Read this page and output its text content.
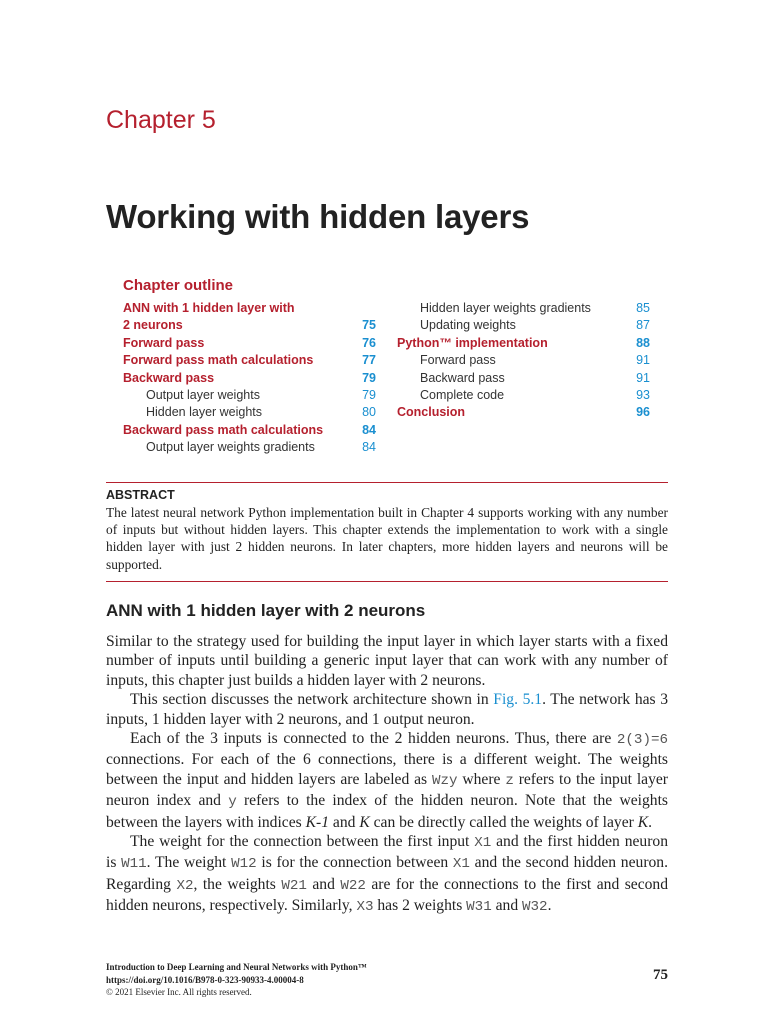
Chapter 5
Working with hidden layers
Chapter outline
ANN with 1 hidden layer with
2 neurons	75
Forward pass	76
Forward pass math calculations	77
Backward pass	79
Output layer weights	79
Hidden layer weights	80
Backward pass math calculations	84
Output layer weights gradients	84
Hidden layer weights gradients	85
Updating weights	87
Python™ implementation	88
Forward pass	91
Backward pass	91
Complete code	93
Conclusion	96
ABSTRACT
The latest neural network Python implementation built in Chapter 4 supports working with any number of inputs but without hidden layers. This chapter extends the implementation to work with a single hidden layer with just 2 hidden neurons. In later chapters, more hidden layers and neurons will be supported.
ANN with 1 hidden layer with 2 neurons

Similar to the strategy used for building the input layer in which layer starts with a fixed number of inputs until building a generic input layer that can work with any number of inputs, this chapter just builds a hidden layer with 2 neurons.

This section discusses the network architecture shown in Fig. 5.1. The network has 3 inputs, 1 hidden layer with 2 neurons, and 1 output neuron.

Each of the 3 inputs is connected to the 2 hidden neurons. Thus, there are 2(3)=6 connections. For each of the 6 connections, there is a different weight. The weights between the input and hidden layers are labeled as Wzy where z refers to the input layer neuron index and y refers to the index of the hidden neuron. Note that the weights between the layers with indices K-1 and K can be directly called the weights of layer K.

The weight for the connection between the first input X1 and the first hidden neuron is W11. The weight W12 is for the connection between X1 and the second hidden neuron. Regarding X2, the weights W21 and W22 are for the connections to the first and second hidden neurons, respectively. Similarly, X3 has 2 weights W31 and W32.

Introduction to Deep Learning and Neural Networks with Python™
https://doi.org/10.1016/B978-0-323-90933-4.00004-8
© 2021 Elsevier Inc. All rights reserved.
75
